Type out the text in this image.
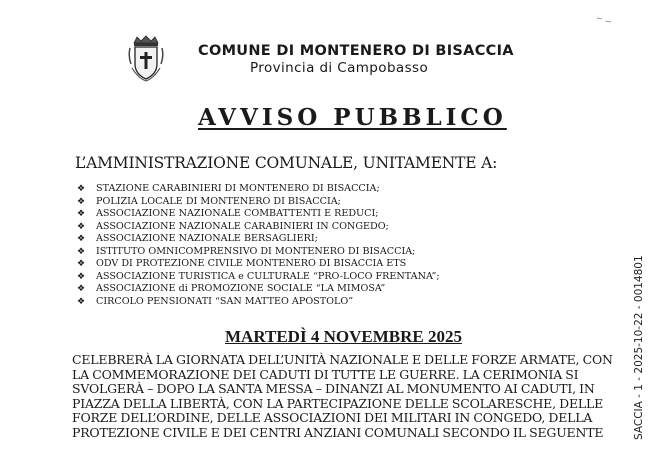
COMUNE DI MONTENERO DI BISACCIA
Provincia di Campobasso
AVVISO PUBBLICO
L’AMMINISTRAZIONE COMUNALE, UNITAMENTE A:
❖ STAZIONE CARABINIERI DI MONTENERO DI BISACCIA;
❖ POLIZIA LOCALE DI MONTENERO DI BISACCIA;
❖ ASSOCIAZIONE NAZIONALE COMBATTENTI E REDUCI;
❖ ASSOCIAZIONE NAZIONALE CARABINIERI IN CONGEDO;
❖ ASSOCIAZIONE NAZIONALE BERSAGLIERI;
❖ ISTITUTO OMNICOMPRENSIVO DI MONTENERO DI BISACCIA;
❖ ODV DI PROTEZIONE CIVILE MONTENERO DI BISACCIA ETS
❖ ASSOCIAZIONE TURISTICA e CULTURALE “PRO-LOCO FRENTANA”;
❖ ASSOCIAZIONE di PROMOZIONE SOCIALE “LA MIMOSA”
❖ CIRCOLO PENSIONATI “SAN MATTEO APOSTOLO”
MARTEDÌ 4 NOVEMBRE 2025
CELEBRERÀ LA GIORNATA DELL’UNITÀ NAZIONALE E DELLE FORZE ARMATE, CON
LA COMMEMORAZIONE DEI CADUTI DI TUTTE LE GUERRE. LA CERIMONIA SI
SVOLGERÀ – DOPO LA SANTA MESSA – DINANZI AL MONUMENTO AI CADUTI, IN
PIAZZA DELLA LIBERTÀ, CON LA PARTECIPAZIONE DELLE SCOLARESCHE, DELLE
FORZE DELL’ORDINE, DELLE ASSOCIAZIONI DEI MILITARI IN CONGEDO, DELLA
PROTEZIONE CIVILE E DEI CENTRI ANZIANI COMUNALI SECONDO IL SEGUENTE	SACCIA - 1 - 2025-10-22 - 0014801
